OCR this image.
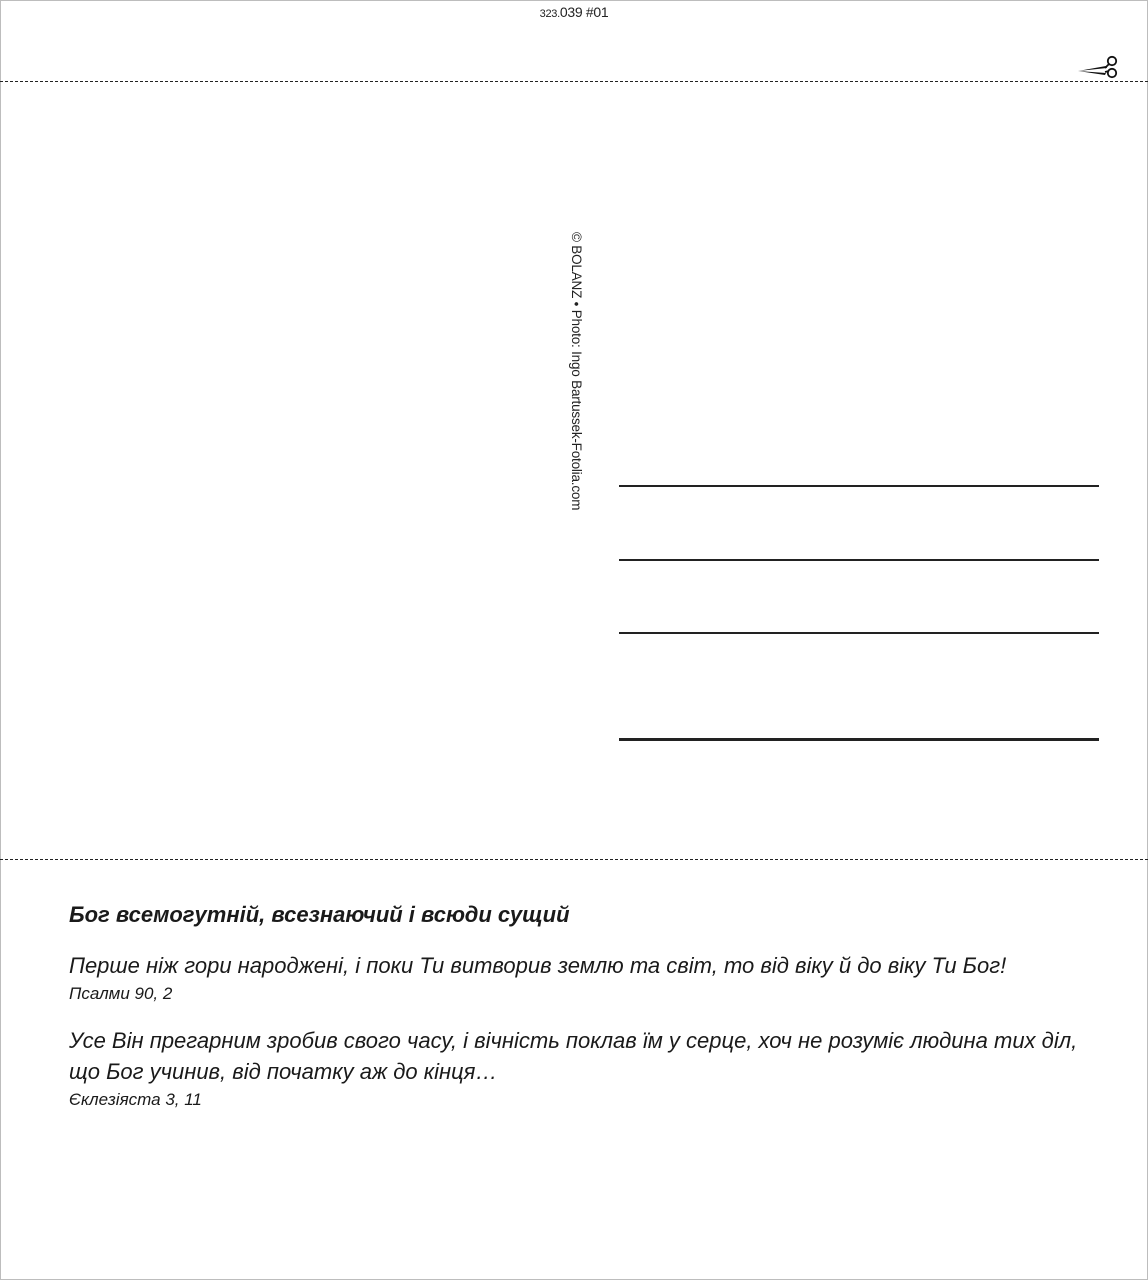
323.039 #01
© BOLANZ • Photo: Ingo Bartussek-Fotolia.com

Бог всемогутній, всезнаючий і всюди сущий

Перше ніж гори народжені, і поки Ти витворив землю та світ, то від віку й до віку Ти Бог!

Псалми 90, 2

Усе Він прегарним зробив свого часу, і вічність поклав їм у серце, хоч не розуміє людина тих діл, що Бог учинив, від початку аж до кінця…

Єклезіяста 3, 11
